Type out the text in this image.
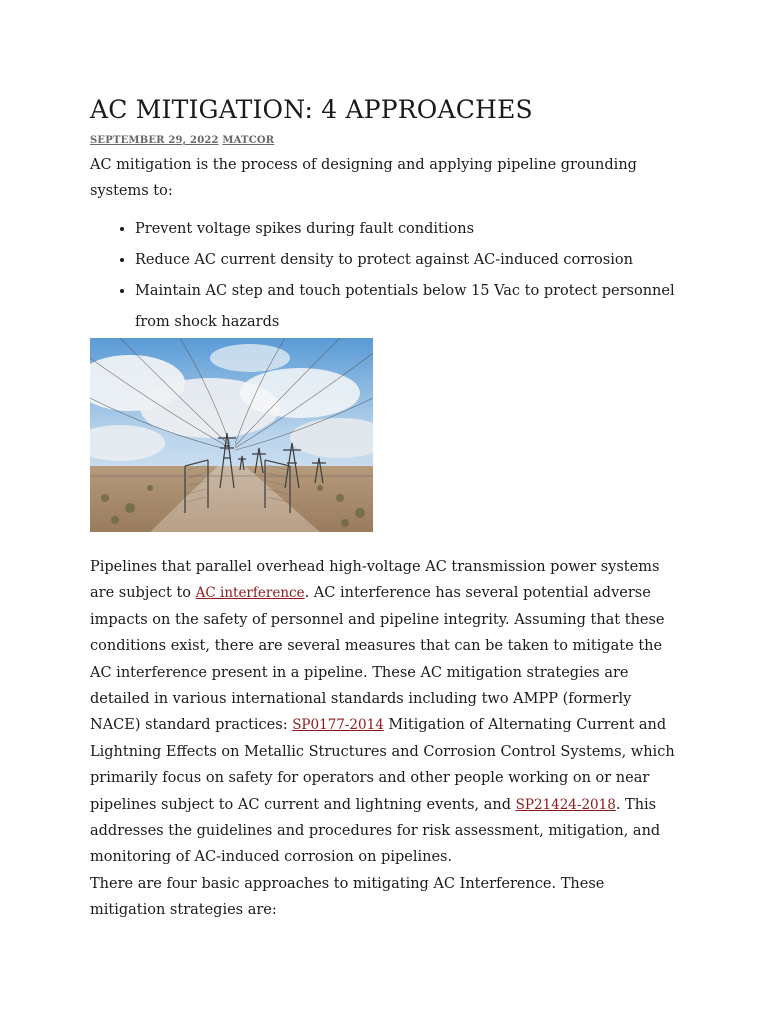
AC MITIGATION: 4 APPROACHES
SEPTEMBER 29, 2022 MATCOR

AC mitigation is the process of designing and applying pipeline grounding systems to:

• Prevent voltage spikes during fault conditions
• Reduce AC current density to protect against AC-induced corrosion
• Maintain AC step and touch potentials below 15 Vac to protect personnel from shock hazards

Pipelines that parallel overhead high-voltage AC transmission power systems are subject to AC interference. AC interference has several potential adverse impacts on the safety of personnel and pipeline integrity. Assuming that these conditions exist, there are several measures that can be taken to mitigate the AC interference present in a pipeline. These AC mitigation strategies are detailed in various international standards including two AMPP (formerly NACE) standard practices: SP0177-2014 Mitigation of Alternating Current and Lightning Effects on Metallic Structures and Corrosion Control Systems, which primarily focus on safety for operators and other people working on or near pipelines subject to AC current and lightning events, and SP21424-2018. This addresses the guidelines and procedures for risk assessment, mitigation, and monitoring of AC-induced corrosion on pipelines.

There are four basic approaches to mitigating AC Interference. These mitigation strategies are:
